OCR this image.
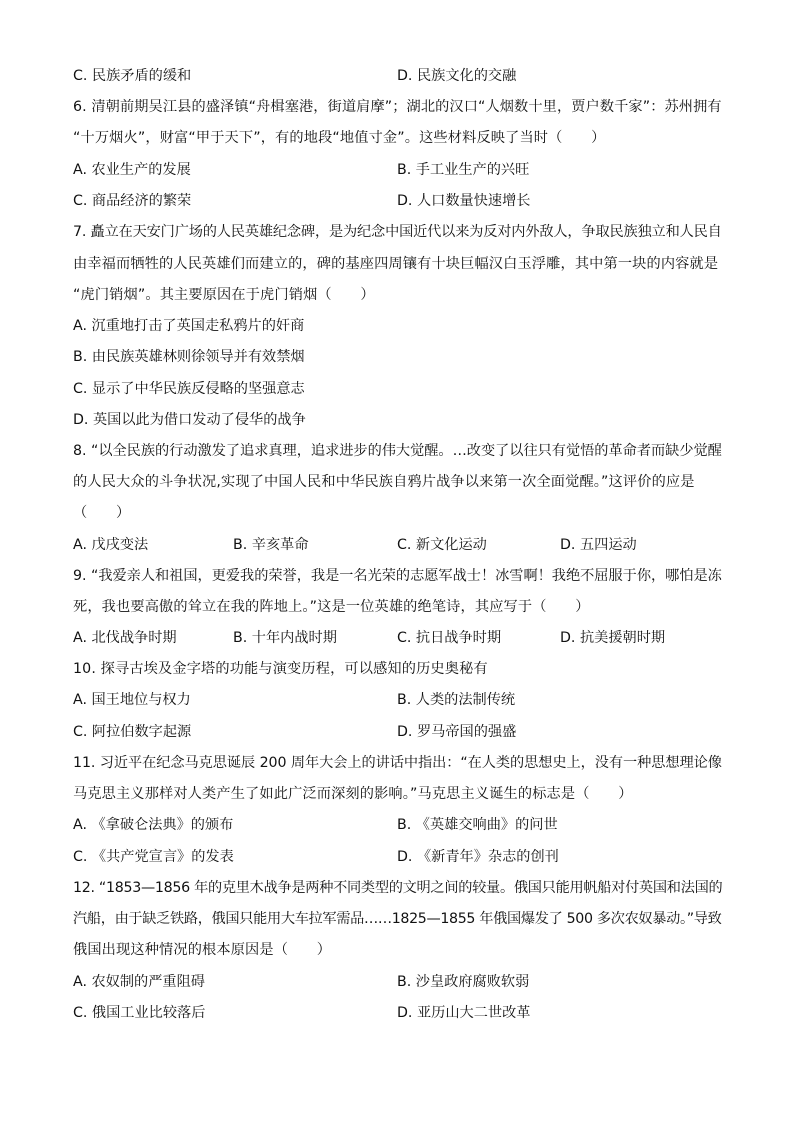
C. 民族矛盾的缓和	D. 民族文化的交融
6. 清朝前期吴江县的盛泽镇“舟楫塞港，街道肩摩”；湖北的汉口“人烟数十里，贾户数千家”：苏州拥有
“十万烟火”，财富“甲于天下”，有的地段“地值寸金”。这些材料反映了当时（　　）
A. 农业生产的发展	B. 手工业生产的兴旺
C. 商品经济的繁荣	D. 人口数量快速增长
7. 矗立在天安门广场的人民英雄纪念碑，是为纪念中国近代以来为反对内外敌人，争取民族独立和人民自
由幸福而牺牲的人民英雄们而建立的，碑的基座四周镶有十块巨幅汉白玉浮雕，其中第一块的内容就是
“虎门销烟”。其主要原因在于虎门销烟（　　）
A. 沉重地打击了英国走私鸦片的奸商
B. 由民族英雄林则徐领导并有效禁烟
C. 显示了中华民族反侵略的坚强意志
D. 英国以此为借口发动了侵华的战争
8. “以全民族的行动激发了追求真理，追求进步的伟大觉醒。…改变了以往只有觉悟的革命者而缺少觉醒
的人民大众的斗争状况,实现了中国人民和中华民族自鸦片战争以来第一次全面觉醒。”这评价的应是
（　　）
A. 戊戌变法	B. 辛亥革命	C. 新文化运动	D. 五四运动
9. “我爱亲人和祖国，更爱我的荣誉，我是一名光荣的志愿军战士！冰雪啊！我绝不屈服于你，哪怕是冻
死，我也要高傲的耸立在我的阵地上。”这是一位英雄的绝笔诗，其应写于（　　）
A. 北伐战争时期	B. 十年内战时期	C. 抗日战争时期	D. 抗美援朝时期
10. 探寻古埃及金字塔的功能与演变历程，可以感知的历史奥秘有
A. 国王地位与权力	B. 人类的法制传统
C. 阿拉伯数字起源	D. 罗马帝国的强盛
11. 习近平在纪念马克思诞辰 200 周年大会上的讲话中指出：“在人类的思想史上，没有一种思想理论像
马克思主义那样对人类产生了如此广泛而深刻的影响。”马克思主义诞生的标志是（　　）
A. 《拿破仑法典》的颁布	B. 《英雄交响曲》的问世
C. 《共产党宣言》的发表	D. 《新青年》杂志的创刊
12. “1853—1856 年的克里木战争是两种不同类型的文明之间的较量。俄国只能用帆船对付英国和法国的
汽船，由于缺乏铁路，俄国只能用大车拉军需品……1825—1855 年俄国爆发了 500 多次农奴暴动。”导致
俄国出现这种情况的根本原因是（　　）
A. 农奴制的严重阻碍	B. 沙皇政府腐败软弱
C. 俄国工业比较落后	D. 亚历山大二世改革
